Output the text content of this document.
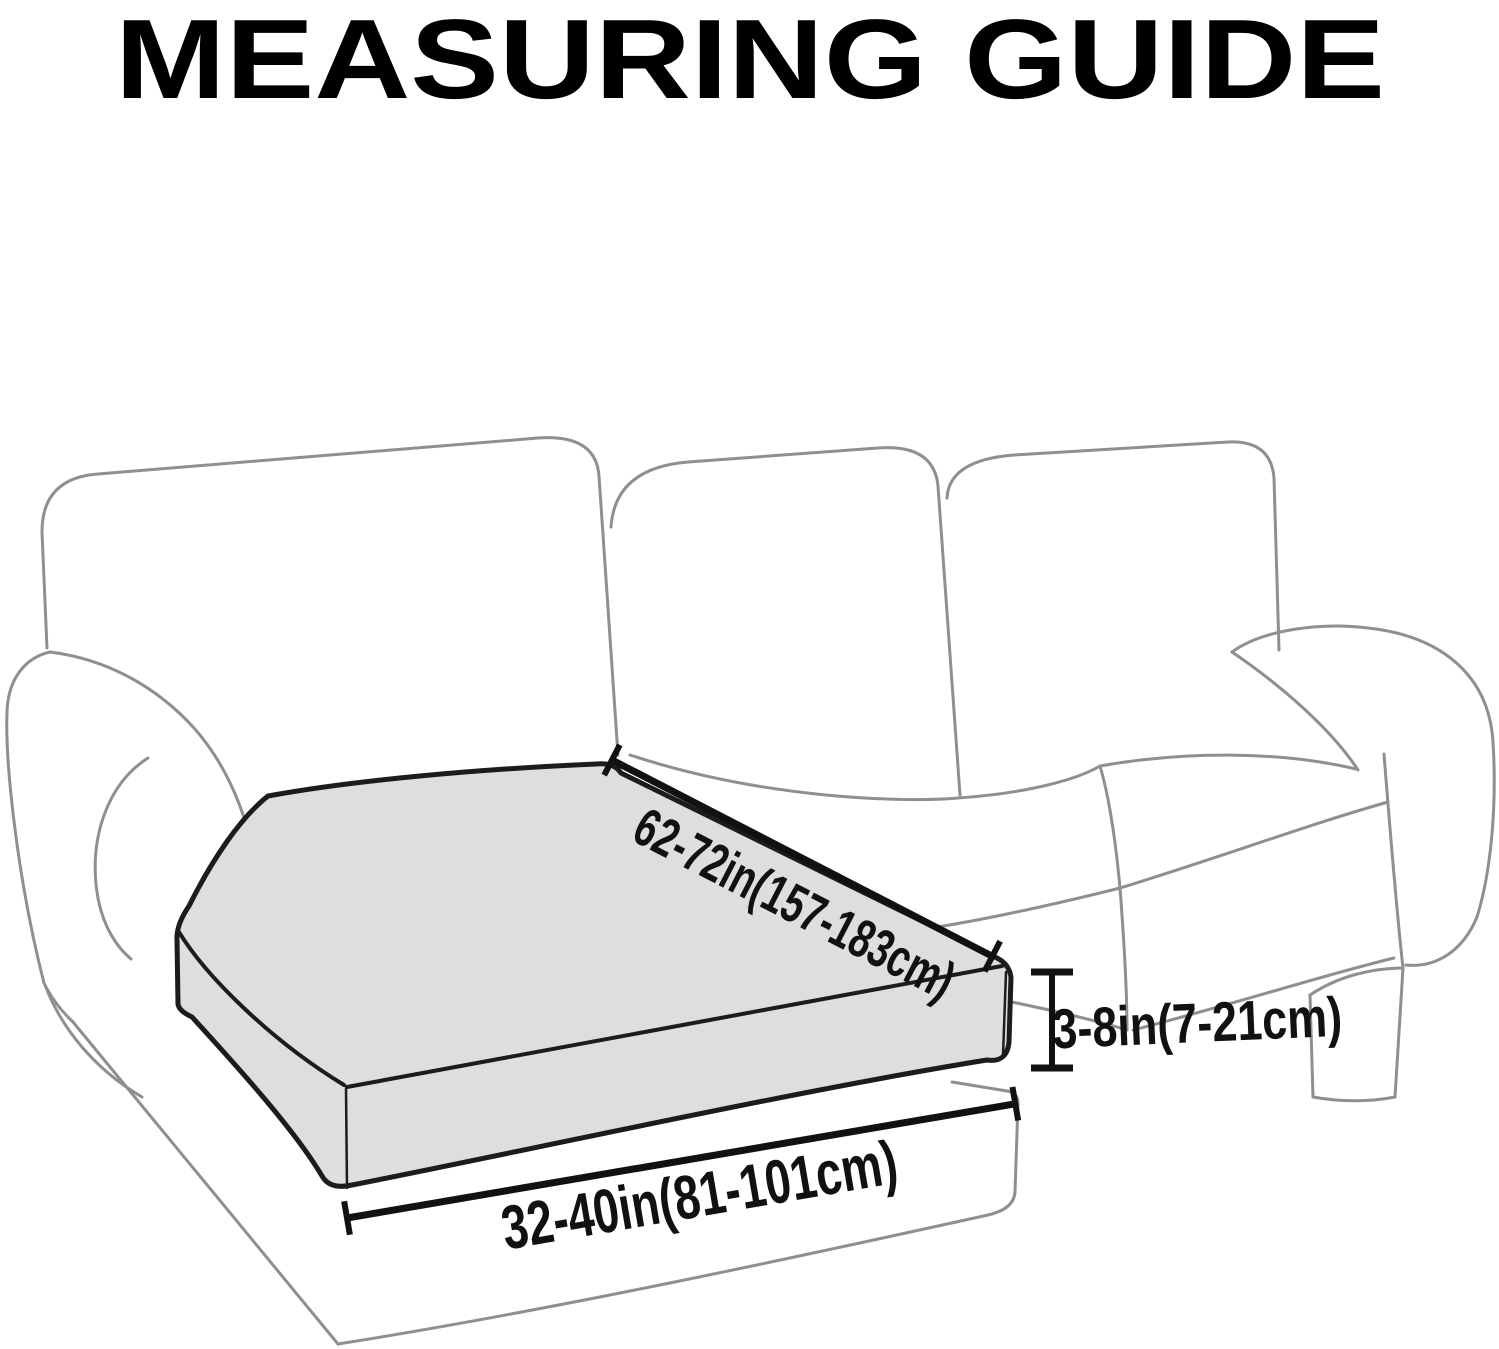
MEASURING GUIDE
62-72in(157-183cm)
3-8in(7-21cm)
32-40in(81-101cm)
